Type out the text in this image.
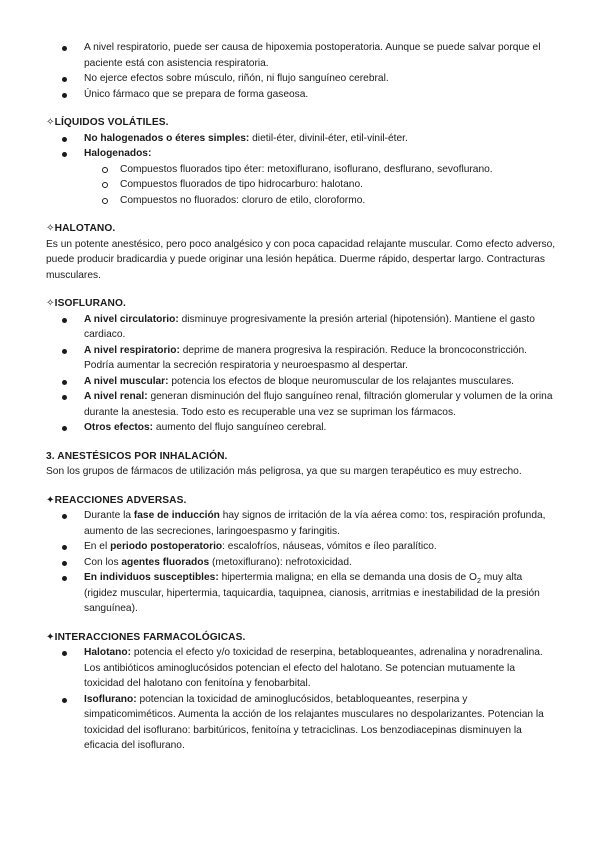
A nivel respiratorio, puede ser causa de hipoxemia postoperatoria. Aunque se puede salvar porque el paciente está con asistencia respiratoria.
No ejerce efectos sobre músculo, riñón, ni flujo sanguíneo cerebral.
Único fármaco que se prepara de forma gaseosa.
✧LÍQUIDOS VOLÁTILES.
No halogenados o éteres simples: dietil-éter, divinil-éter, etil-vinil-éter.
Halogenados:
Compuestos fluorados tipo éter: metoxiflurano, isoflurano, desflurano, sevoflurano.
Compuestos fluorados de tipo hidrocarburo: halotano.
Compuestos no fluorados: cloruro de etilo, cloroformo.
✧HALOTANO.

Es un potente anestésico, pero poco analgésico y con poca capacidad relajante muscular. Como efecto adverso, puede producir bradicardia y puede originar una lesión hepática. Duerme rápido, despertar largo. Contracturas musculares.

✧ISOFLURANO.
A nivel circulatorio: disminuye progresivamente la presión arterial (hipotensión). Mantiene el gasto cardiaco.
A nivel respiratorio: deprime de manera progresiva la respiración. Reduce la broncoconstricción. Podría aumentar la secreción respiratoria y neuroespasmo al despertar.
A nivel muscular: potencia los efectos de bloque neuromuscular de los relajantes musculares.
A nivel renal: generan disminución del flujo sanguíneo renal, filtración glomerular y volumen de la orina durante la anestesia. Todo esto es recuperable una vez se supriman los fármacos.
Otros efectos: aumento del flujo sanguíneo cerebral.
3. ANESTÉSICOS POR INHALACIÓN.

Son los grupos de fármacos de utilización más peligrosa, ya que su margen terapéutico es muy estrecho.

✦REACCIONES ADVERSAS.
Durante la fase de inducción hay signos de irritación de la vía aérea como: tos, respiración profunda, aumento de las secreciones, laringoespasmo y faringitis.
En el periodo postoperatorio: escalofríos, náuseas, vómitos e íleo paralítico.
Con los agentes fluorados (metoxiflurano): nefrotoxicidad.
En individuos susceptibles: hipertermia maligna; en ella se demanda una dosis de $O_2$ muy alta (rigidez muscular, hipertermia, taquicardia, taquipnea, cianosis, arritmias e inestabilidad de la presión sanguínea).
✦INTERACCIONES FARMACOLÓGICAS.
Halotano: potencia el efecto y/o toxicidad de reserpina, betabloqueantes, adrenalina y noradrenalina. Los antibióticos aminoglucósidos potencian el efecto del halotano. Se potencian mutuamente la toxicidad del halotano con fenitoína y fenobarbital.
Isoflurano: potencian la toxicidad de aminoglucósidos, betabloqueantes, reserpina y simpaticomiméticos. Aumenta la acción de los relajantes musculares no despolarizantes. Potencian la toxicidad del isoflurano: barbitúricos, fenitoína y tetraciclinas. Los benzodiacepinas disminuyen la eficacia del isoflurano.
